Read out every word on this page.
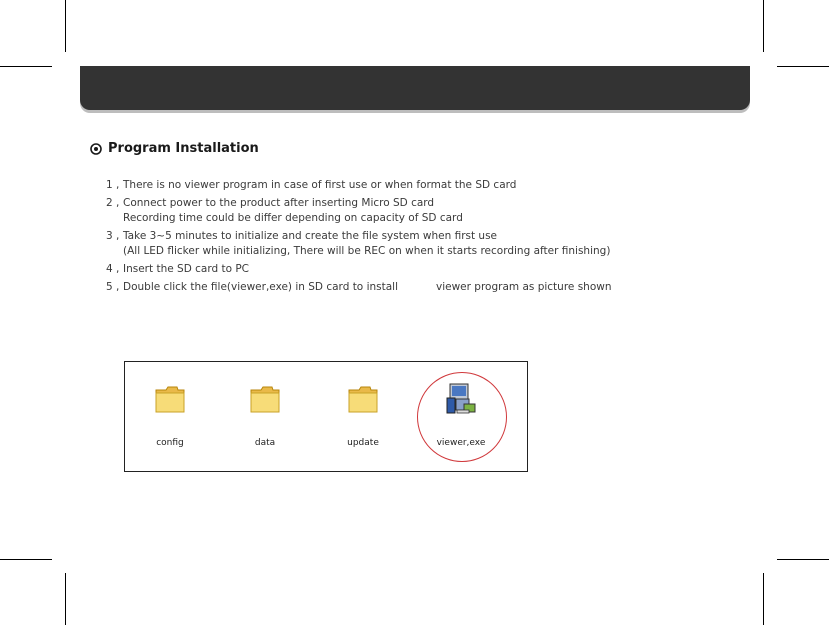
Program Installation
1 , There is no viewer program in case of first use or when format the SD card
2 , Connect power to the product after inserting Micro SD card
Recording time could be differ depending on capacity of SD card
3 , Take 3~5 minutes to initialize and create the file system when first use
(All LED flicker while initializing, There will be REC on when it starts recording after finishing)
4 , Insert the SD card to PC
5 , Double click the file(viewer,exe) in SD card to install	viewer program as picture shown
config	data	update	viewer,exe
